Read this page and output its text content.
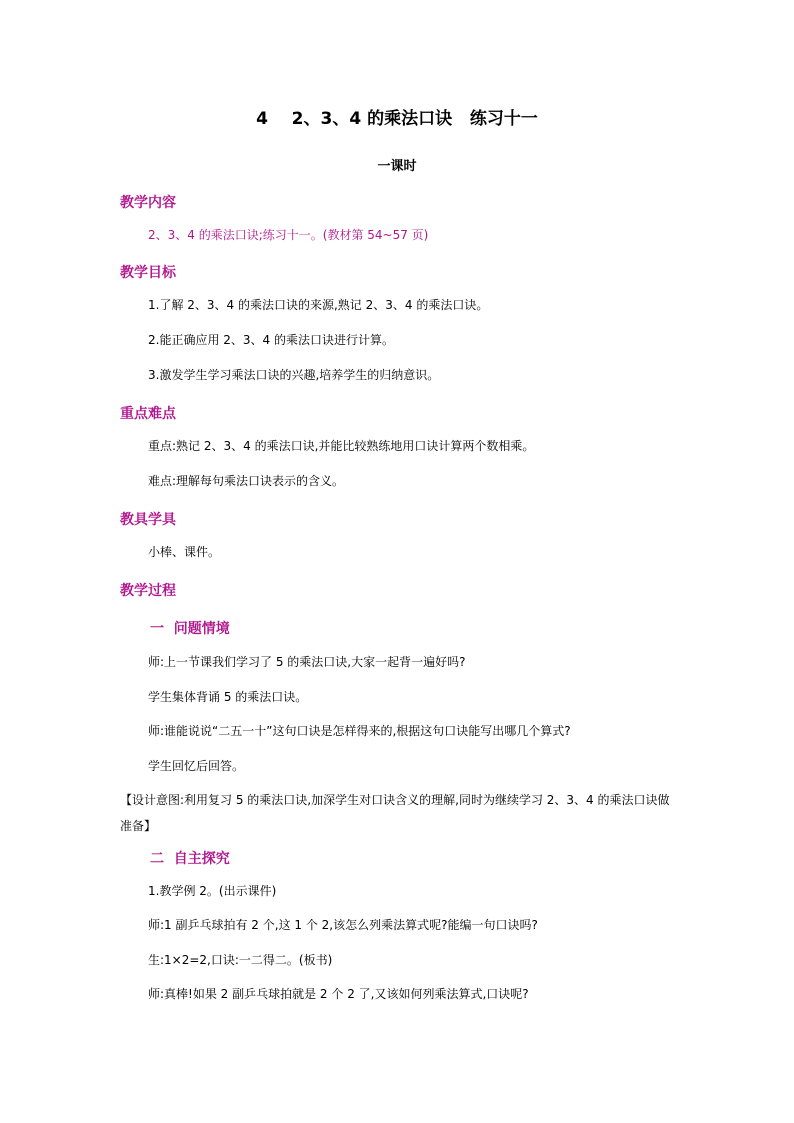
4    2、3、4 的乘法口诀   练习十一
一课时
教学内容
2、3、4 的乘法口诀;练习十一。(教材第 54~57 页)
教学目标
1.了解 2、3、4 的乘法口诀的来源,熟记 2、3、4 的乘法口诀。
2.能正确应用 2、3、4 的乘法口诀进行计算。
3.激发学生学习乘法口诀的兴趣,培养学生的归纳意识。
重点难点
重点:熟记 2、3、4 的乘法口诀,并能比较熟练地用口诀计算两个数相乘。
难点:理解每句乘法口诀表示的含义。
教具学具
小棒、课件。
教学过程
一  问题情境
师:上一节课我们学习了 5 的乘法口诀,大家一起背一遍好吗?
学生集体背诵 5 的乘法口诀。
师:谁能说说“二五一十”这句口诀是怎样得来的,根据这句口诀能写出哪几个算式?
学生回忆后回答。
【设计意图:利用复习 5 的乘法口诀,加深学生对口诀含义的理解,同时为继续学习 2、3、4 的乘法口诀做准备】
二  自主探究
1.教学例 2。(出示课件)
师:1 副乒乓球拍有 2 个,这 1 个 2,该怎么列乘法算式呢?能编一句口诀吗?
生:1×2=2,口诀:一二得二。(板书)
师:真棒!如果 2 副乒乓球拍就是 2 个 2 了,又该如何列乘法算式,口诀呢?
